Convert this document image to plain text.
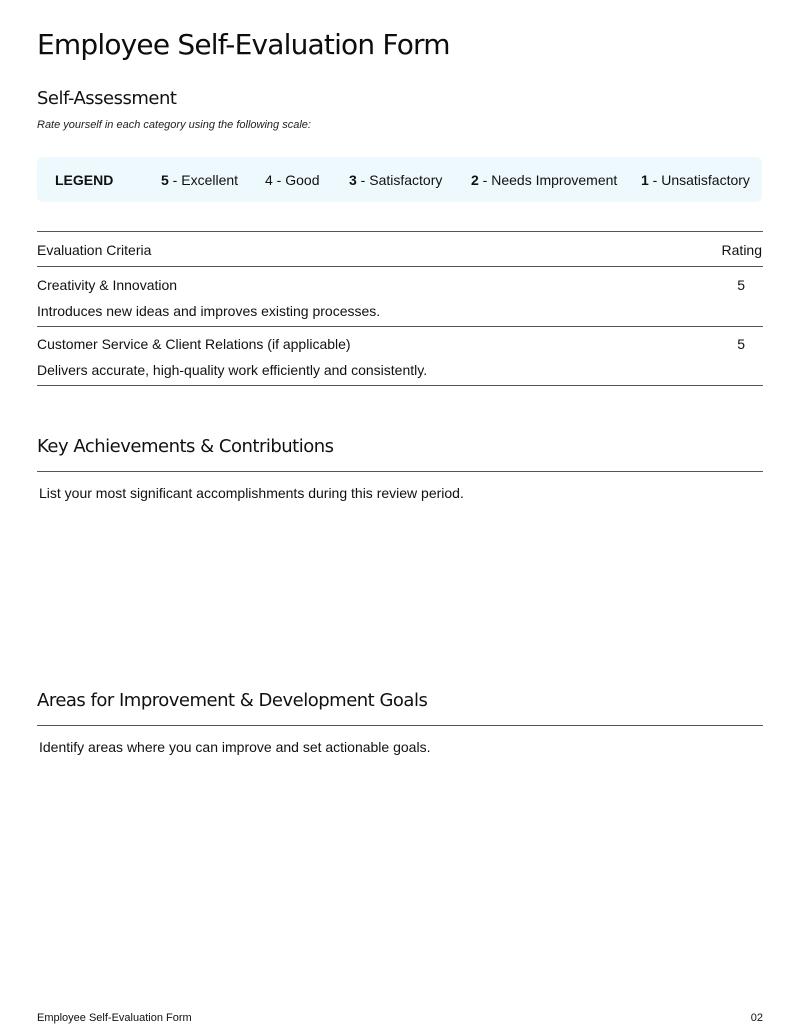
Employee Self-Evaluation Form
Self-Assessment

Rate yourself in each category using the following scale:

LEGEND	5 - Excellent 4 - Good 3 - Satisfactory 2 - Needs Improvement 1 - Unsatisfactory
Evaluation Criteria	Rating
Creativity & Innovation	5
Introduces new ideas and improves existing processes.
Customer Service & Client Relations (if applicable)	5
Delivers accurate, high-quality work efficiently and consistently.
Key Achievements & Contributions

List your most significant accomplishments during this review period.

Areas for Improvement & Development Goals

Identify areas where you can improve and set actionable goals.

Employee Self-Evaluation Form	02
